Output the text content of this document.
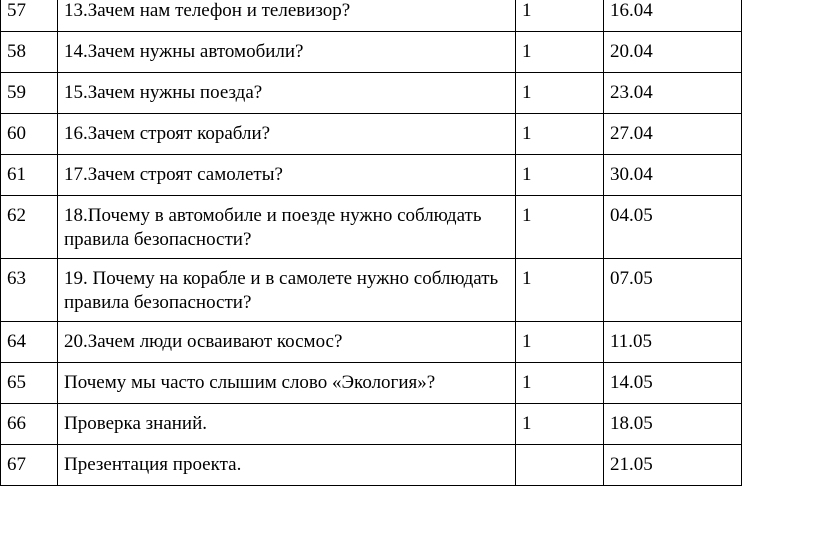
57	13.Зачем нам телефон и телевизор?	1	16.04
58	14.Зачем нужны автомобили?	1	20.04
59	15.Зачем нужны поезда?	1	23.04
60	16.Зачем строят корабли?	1	27.04
61	17.Зачем строят самолеты?	1	30.04
62	18.Почему в автомобиле и поезде нужно соблюдать правила безопасности?	1	04.05
63	19. Почему на корабле и в самолете нужно соблюдать правила безопасности?	1	07.05
64	20.Зачем люди осваивают космос?	1	11.05
65	Почему мы часто слышим слово «Экология»?	1	14.05
66	Проверка знаний.	1	18.05
67	Презентация проекта.		21.05
